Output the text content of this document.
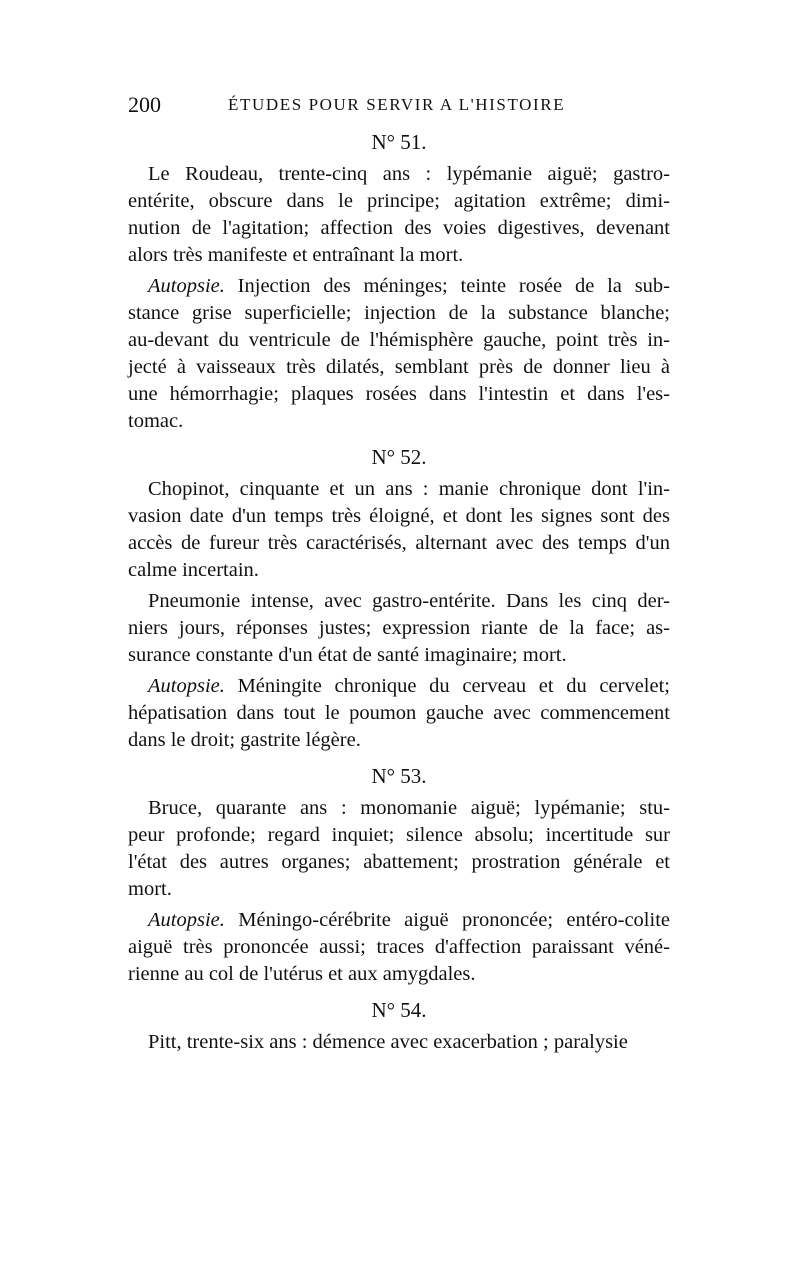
200	ÉTUDES POUR SERVIR A L'HISTOIRE
N° 51.
Le Roudeau, trente-cinq ans : lypémanie aiguë; gastro-
entérite, obscure dans le principe; agitation extrême; dimi-
nution de l'agitation; affection des voies digestives, devenant
alors très manifeste et entraînant la mort.
Autopsie. Injection des méninges; teinte rosée de la sub-
stance grise superficielle; injection de la substance blanche;
au-devant du ventricule de l'hémisphère gauche, point très in-
jecté à vaisseaux très dilatés, semblant près de donner lieu à
une hémorrhagie; plaques rosées dans l'intestin et dans l'es-
tomac.
N° 52.
Chopinot, cinquante et un ans : manie chronique dont l'in-
vasion date d'un temps très éloigné, et dont les signes sont des
accès de fureur très caractérisés, alternant avec des temps d'un
calme incertain.
Pneumonie intense, avec gastro-entérite. Dans les cinq der-
niers jours, réponses justes; expression riante de la face; as-
surance constante d'un état de santé imaginaire; mort.
Autopsie. Méningite chronique du cerveau et du cervelet;
hépatisation dans tout le poumon gauche avec commencement
dans le droit; gastrite légère.
N° 53.
Bruce, quarante ans : monomanie aiguë; lypémanie; stu-
peur profonde; regard inquiet; silence absolu; incertitude sur
l'état des autres organes; abattement; prostration générale et
mort.
Autopsie. Méningo-cérébrite aiguë prononcée; entéro-colite
aiguë très prononcée aussi; traces d'affection paraissant véné-
rienne au col de l'utérus et aux amygdales.
N° 54.
Pitt, trente-six ans : démence avec exacerbation ; paralysie
